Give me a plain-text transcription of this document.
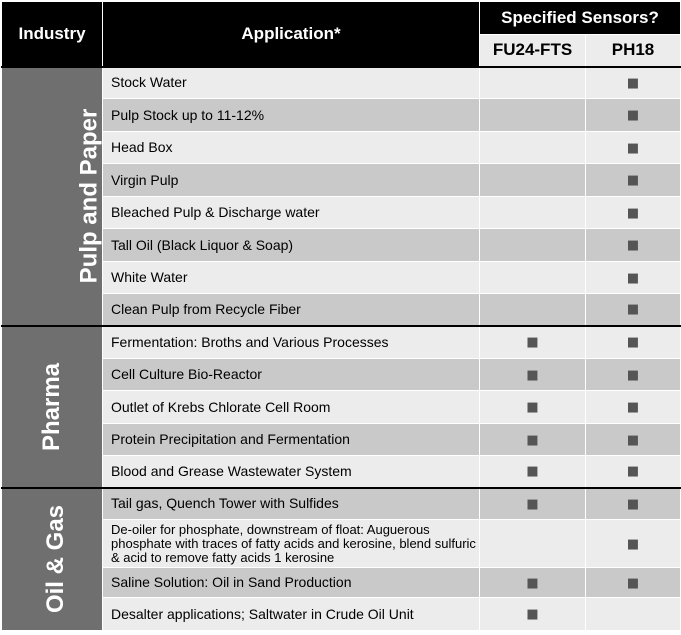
Industry	Application*	Specified Sensors?	
		FU24-FTS	PH18
Pulp and Paper	Stock Water		■
	Pulp Stock up to 11-12%		■
	Head Box		■
	Virgin Pulp		■
	Bleached Pulp & Discharge water		■
	Tall Oil (Black Liquor & Soap)		■
	White Water		■
	Clean Pulp from Recycle Fiber		■
Pharma	Fermentation: Broths and Various Processes	■	■
	Cell Culture Bio-Reactor	■	■
	Outlet of Krebs Chlorate Cell Room	■	■
	Protein Precipitation and Fermentation	■	■
	Blood and Grease Wastewater System	■	■
Oil & Gas	Tail gas, Quench Tower with Sulfides	■	■
	De-oiler for phosphate, downstream of float: Auguerous phosphate with traces of fatty acids and kerosine, blend sulfuric & acid to remove fatty acids 1 kerosine		■
	Saline Solution: Oil in Sand Production	■	■
	Desalter applications; Saltwater in Crude Oil Unit	■	
